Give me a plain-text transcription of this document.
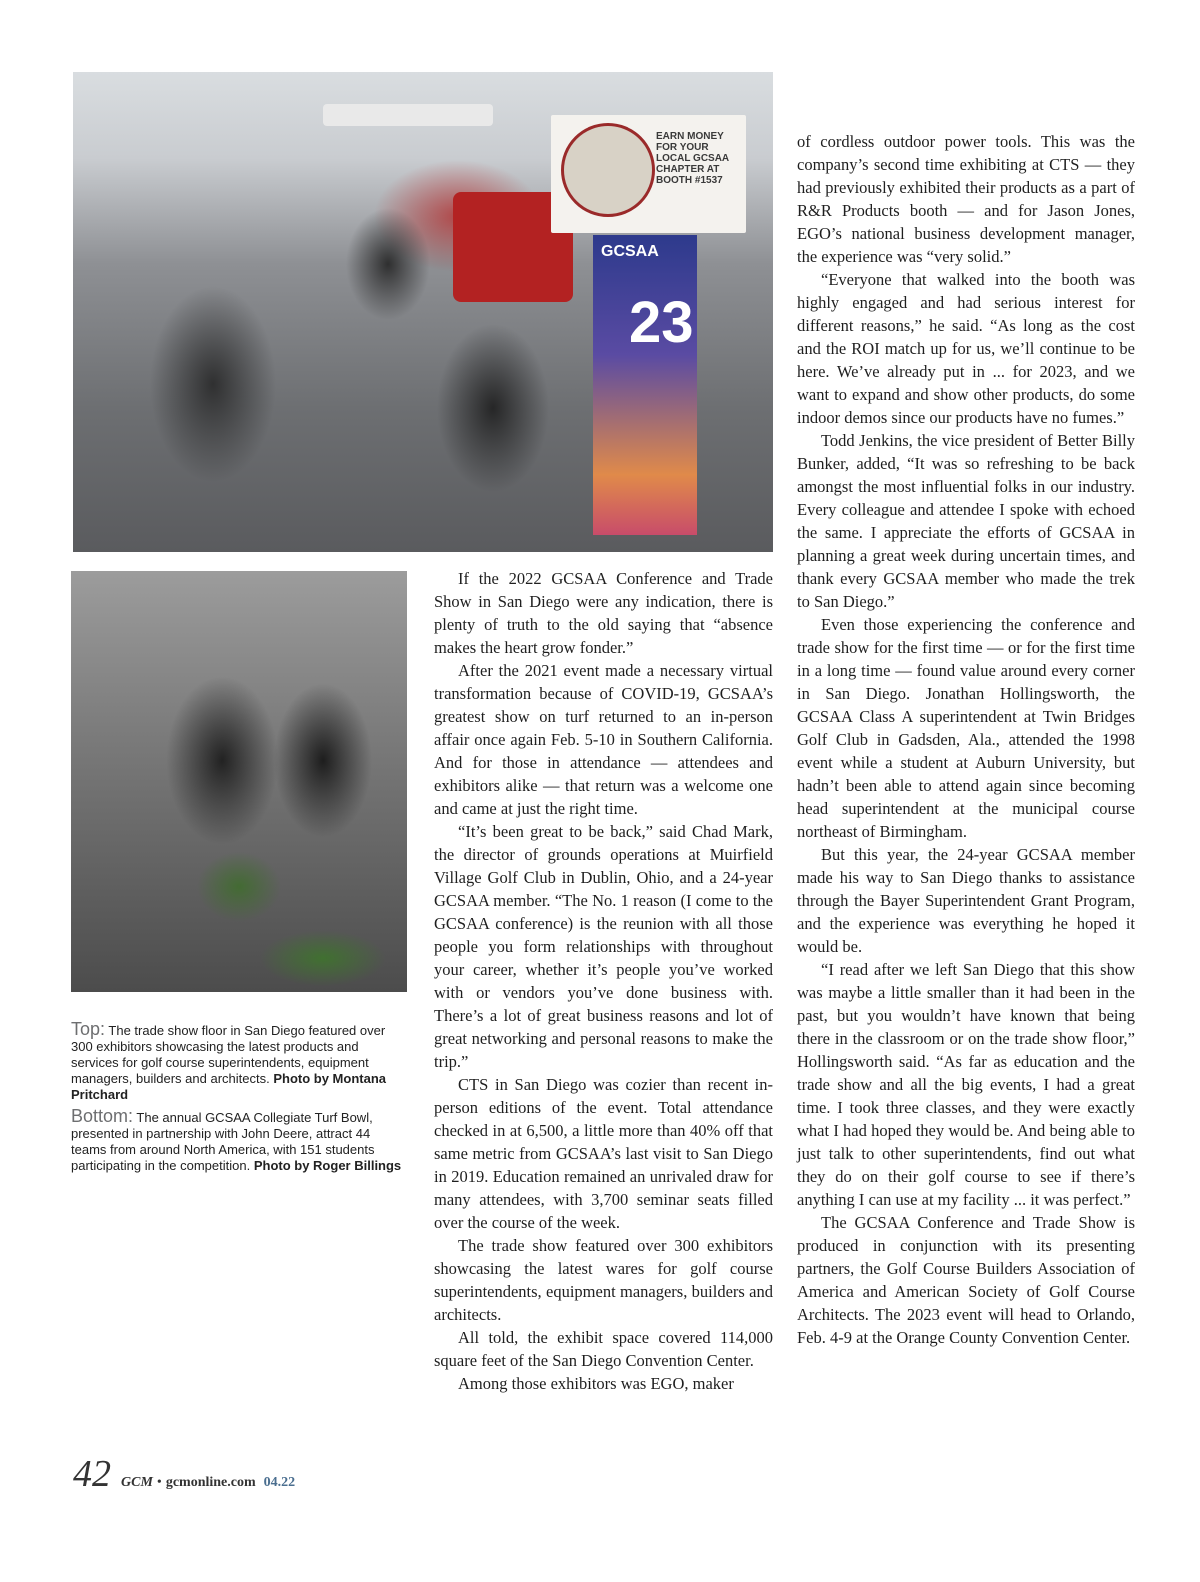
EARN MONEY FOR YOUR LOCAL GCSAA CHAPTER AT BOOTH #1537
GCSAA
23
Top: The trade show floor in San Diego featured over 300 exhibitors showcasing the latest products and services for golf course superintendents, equipment managers, builders and architects. Photo by Montana Pritchard
Bottom: The annual GCSAA Collegiate Turf Bowl, presented in partnership with John Deere, attract 44 teams from around North America, with 151 students participating in the competition. Photo by Roger Billings

If the 2022 GCSAA Conference and Trade Show in San Diego were any indication, there is plenty of truth to the old saying that “absence makes the heart grow fonder.”

After the 2021 event made a necessary virtual transformation because of COVID-19, GCSAA’s greatest show on turf returned to an in-person affair once again Feb. 5-10 in Southern California. And for those in attendance — attendees and exhibitors alike — that return was a welcome one and came at just the right time.

“It’s been great to be back,” said Chad Mark, the director of grounds operations at Muirfield Village Golf Club in Dublin, Ohio, and a 24-year GCSAA member. “The No. 1 reason (I come to the GCSAA conference) is the reunion with all those people you form relationships with throughout your career, whether it’s people you’ve worked with or vendors you’ve done business with. There’s a lot of great business reasons and lot of great networking and personal reasons to make the trip.”

CTS in San Diego was cozier than recent in-person editions of the event. Total attendance checked in at 6,500, a little more than 40% off that same metric from GCSAA’s last visit to San Diego in 2019. Education remained an unrivaled draw for many attendees, with 3,700 seminar seats filled over the course of the week.

The trade show featured over 300 exhibitors showcasing the latest wares for golf course superintendents, equipment managers, builders and architects.

All told, the exhibit space covered 114,000 square feet of the San Diego Convention Center.

Among those exhibitors was EGO, maker

of cordless outdoor power tools. This was the company’s second time exhibiting at CTS — they had previously exhibited their products as a part of R&R Products booth — and for Jason Jones, EGO’s national business development manager, the experience was “very solid.”

“Everyone that walked into the booth was highly engaged and had serious interest for different reasons,” he said. “As long as the cost and the ROI match up for us, we’ll continue to be here. We’ve already put in ... for 2023, and we want to expand and show other products, do some indoor demos since our products have no fumes.”

Todd Jenkins, the vice president of Better Billy Bunker, added, “It was so refreshing to be back amongst the most influential folks in our industry. Every colleague and attendee I spoke with echoed the same. I appreciate the efforts of GCSAA in planning a great week during uncertain times, and thank every GCSAA member who made the trek to San Diego.”

Even those experiencing the conference and trade show for the first time — or for the first time in a long time — found value around every corner in San Diego. Jonathan Hollingsworth, the GCSAA Class A superintendent at Twin Bridges Golf Club in Gadsden, Ala., attended the 1998 event while a student at Auburn University, but hadn’t been able to attend again since becoming head superintendent at the municipal course northeast of Birmingham.

But this year, the 24-year GCSAA member made his way to San Diego thanks to assistance through the Bayer Superintendent Grant Program, and the experience was everything he hoped it would be.

“I read after we left San Diego that this show was maybe a little smaller than it had been in the past, but you wouldn’t have known that being there in the classroom or on the trade show floor,” Hollingsworth said. “As far as education and the trade show and all the big events, I had a great time. I took three classes, and they were exactly what I had hoped they would be. And being able to just talk to other superintendents, find out what they do on their golf course to see if there’s anything I can use at my facility ... it was perfect.”

The GCSAA Conference and Trade Show is produced in conjunction with its presenting partners, the Golf Course Builders Association of America and American Society of Golf Course Architects. The 2023 event will head to Orlando, Feb. 4-9 at the Orange County Convention Center.

42 GCM • gcmonline.com 04.22
